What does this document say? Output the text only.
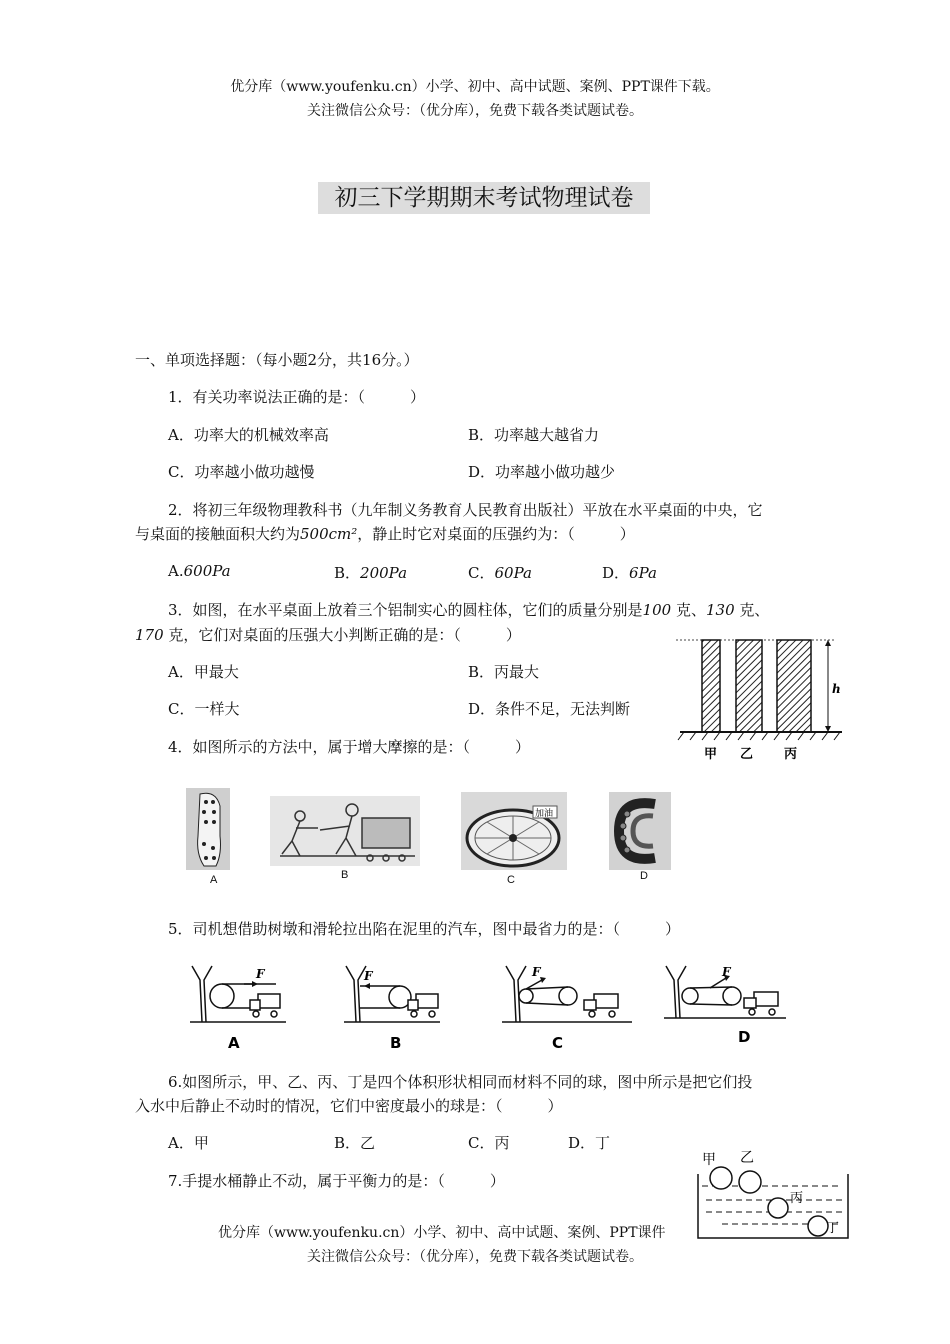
优分库（www.youfenku.cn）小学、初中、高中试题、案例、PPT课件下载。
关注微信公众号：（优分库），免费下载各类试题试卷。
初三下学期期末考试物理试卷
一、单项选择题：（每小题2分，共16分。）
1．有关功率说法正确的是：（　　　）
A．功率大的机械效率高	B．功率越大越省力
C．功率越小做功越慢	D．功率越小做功越少
2．将初三年级物理教科书（九年制义务教育人民教育出版社）平放在水平桌面的中央，它
与桌面的接触面积大约为500cm²，静止时它对桌面的压强约为：（　　　）
A.600Pa	B．200Pa	C．60Pa	D．6Pa
3．如图，在水平桌面上放着三个铝制实心的圆柱体，它们的质量分别是100 克、130 克、
170 克，它们对桌面的压强大小判断正确的是：（　　　）
A．甲最大	B．丙最大
C．一样大	D．条件不足，无法判断
h
甲 乙 丙
4．如图所示的方法中，属于增大摩擦的是：（　　　）
A	B
加油
C	D
5．司机想借助树墩和滑轮拉出陷在泥里的汽车，图中最省力的是：（　　　）
F
A
F
B
F
C
F
D
6.如图所示，甲、乙、丙、丁是四个体积形状相同而材料不同的球，图中所示是把它们投
入水中后静止不动时的情况，它们中密度最小的球是：（　　　）
A．甲	B．乙	C．丙	D．丁
甲 乙
丙
丁
7.手提水桶静止不动，属于平衡力的是：（　　　）
优分库（www.youfenku.cn）小学、初中、高中试题、案例、PPT课件
关注微信公众号：（优分库），免费下载各类试题试卷。
